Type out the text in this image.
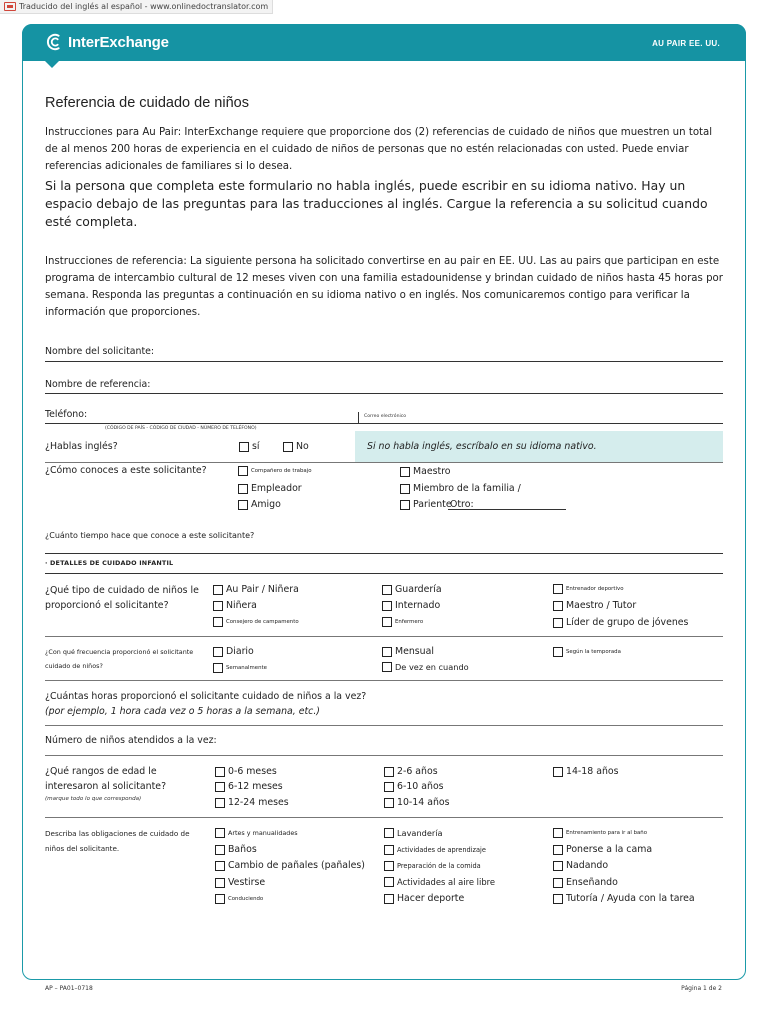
Traducido del inglés al español - www.onlinedoctranslator.com
InterExchange	AU PAIR EE. UU.
Referencia de cuidado de niños

Instrucciones para Au Pair: InterExchange requiere que proporcione dos (2) referencias de cuidado de niños que muestren un total de al menos 200 horas de experiencia en el cuidado de niños de personas que no estén relacionadas con usted. Puede enviar referencias adicionales de familiares si lo desea.

Si la persona que completa este formulario no habla inglés, puede escribir en su idioma nativo. Hay un espacio debajo de las preguntas para las traducciones al inglés. Cargue la referencia a su solicitud cuando esté completa.

Instrucciones de referencia: La siguiente persona ha solicitado convertirse en au pair en EE. UU. Las au pairs que participan en este programa de intercambio cultural de 12 meses viven con una familia estadounidense y brindan cuidado de niños hasta 45 horas por semana. Responda las preguntas a continuación en su idioma nativo o en inglés. Nos comunicaremos contigo para verificar la información que proporciones.

Nombre del solicitante:
Nombre de referencia:
Teléfono:	Correo electrónico
(CÓDIGO DE PAÍS - CÓDIGO DE CIUDAD - NÚMERO DE TELÉFONO)
Si no habla inglés, escríbalo en su idioma nativo.
¿Hablas inglés?	sí	No
¿Cómo conoces a este solicitante?	Compañero de trabajo
Empleador
Amigo
Maestro
Miembro de la familia /
Pariente
Otro:
¿Cuánto tiempo hace que conoce a este solicitante?
· DETALLES DE CUIDADO INFANTIL
¿Qué tipo de cuidado de niños le proporcionó el solicitante?
Au Pair / Niñera
Niñera
Consejero de campamento
Guardería
Internado
Enfermero
Entrenador deportivo
Maestro / Tutor
Líder de grupo de jóvenes
¿Con qué frecuencia proporcionó el solicitante cuidado de niños?
Diario
Semanalmente
Mensual
De vez en cuando
Según la temporada
¿Cuántas horas proporcionó el solicitante cuidado de niños a la vez?
(por ejemplo, 1 hora cada vez o 5 horas a la semana, etc.)
Número de niños atendidos a la vez:
¿Qué rangos de edad le interesaron al solicitante?
(marque todo lo que corresponda)
0-6 meses
6-12 meses
12-24 meses
2-6 años
6-10 años
10-14 años
14-18 años
Describa las obligaciones de cuidado de niños del solicitante.
Artes y manualidades
Baños
Cambio de pañales (pañales)
Vestirse
Conduciendo
Lavandería
Actividades de aprendizaje
Preparación de la comida
Actividades al aire libre
Hacer deporte
Entrenamiento para ir al baño
Ponerse a la cama
Nadando
Enseñando
Tutoría / Ayuda con la tarea
AP – PA01–0718	Página 1 de 2
